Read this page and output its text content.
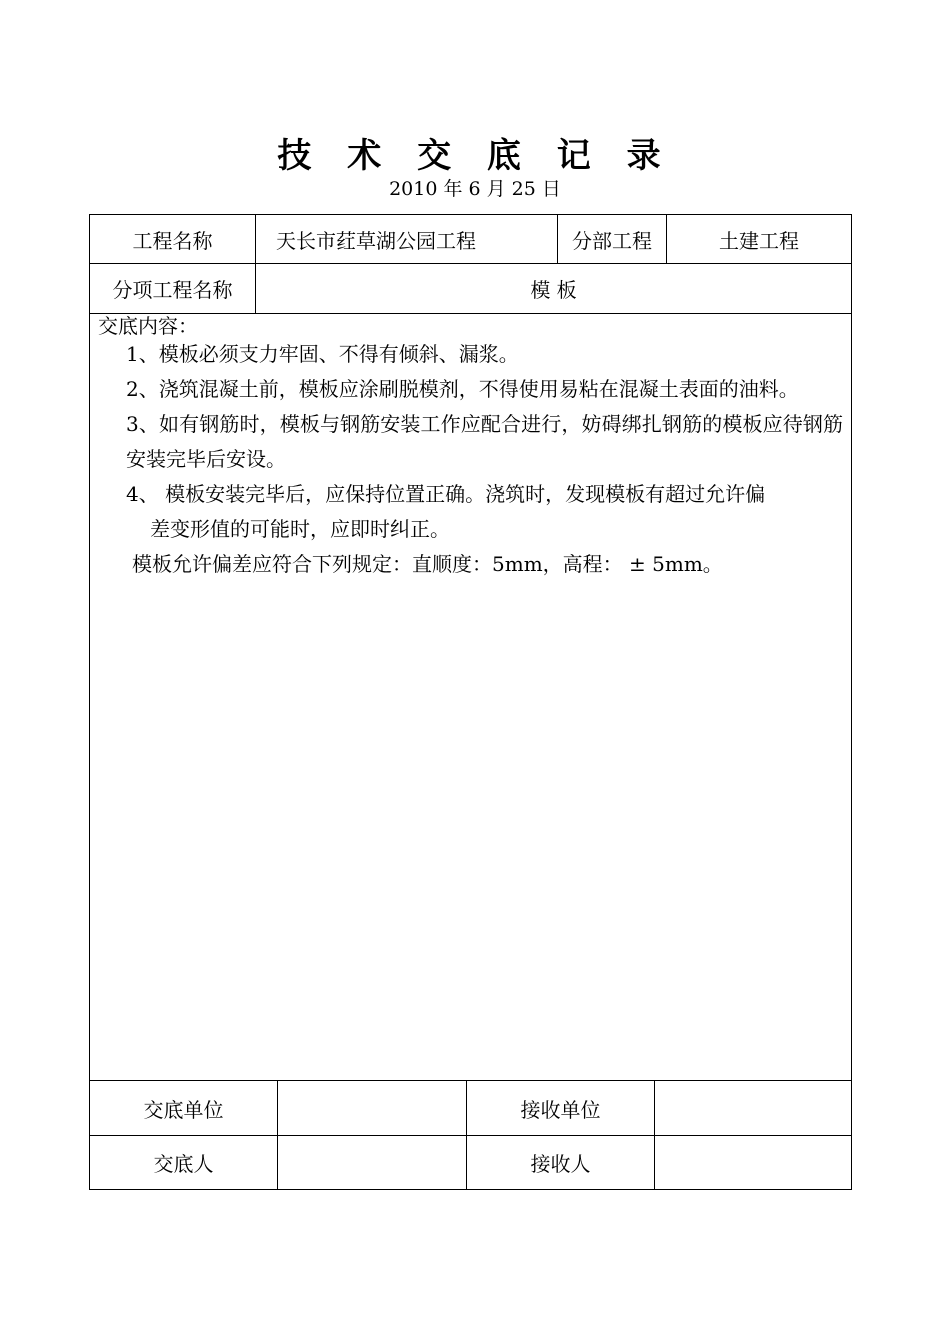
技 术 交 底 记 录
2010 年 6 月 25 日
工程名称	天长市荭草湖公园工程	分部工程	土建工程
分项工程名称	模 板
交底内容：
1、模板必须支力牢固、不得有倾斜、漏浆。
2、浇筑混凝土前，模板应涂刷脱模剂，不得使用易粘在混凝土表面的油料。
3、如有钢筋时，模板与钢筋安装工作应配合进行，妨碍绑扎钢筋的模板应待钢筋安装完毕后安设。
4、 模板安装完毕后，应保持位置正确。浇筑时，发现模板有超过允许偏
差变形值的可能时，应即时纠正。
模板允许偏差应符合下列规定：直顺度：5mm，高程： ± 5mm。
交底单位	接收单位
交底人	接收人
